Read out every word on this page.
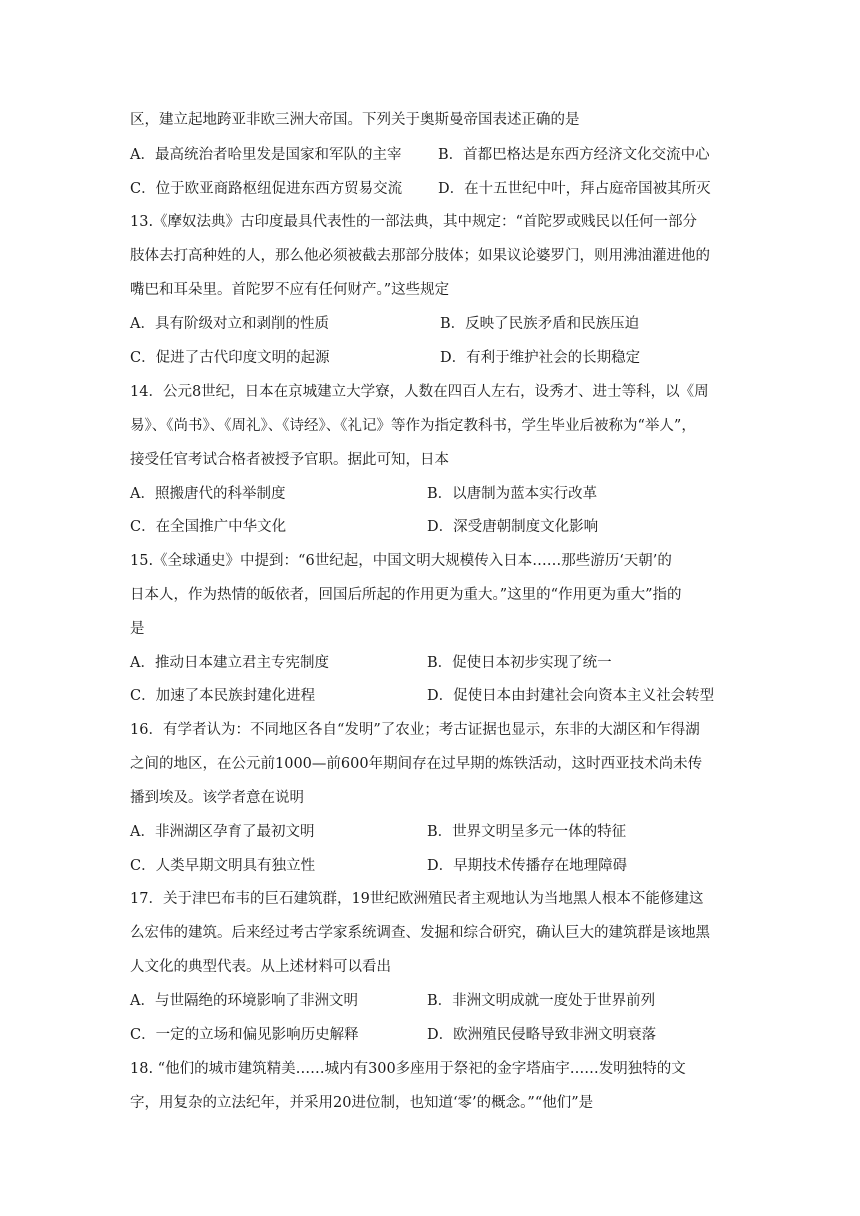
区，建立起地跨亚非欧三洲大帝国。下列关于奥斯曼帝国表述正确的是
A．最高统治者哈里发是国家和军队的主宰	B．首都巴格达是东西方经济文化交流中心
C．位于欧亚商路枢纽促进东西方贸易交流 D．在十五世纪中叶，拜占庭帝国被其所灭
13.《摩奴法典》古印度最具代表性的一部法典，其中规定：“首陀罗或贱民以任何一部分
肢体去打高种姓的人，那么他必须被截去那部分肢体；如果议论婆罗门，则用沸油灌进他的
嘴巴和耳朵里。首陀罗不应有任何财产。”这些规定
A．具有阶级对立和剥削的性质	B．反映了民族矛盾和民族压迫
C．促进了古代印度文明的起源	D．有利于维护社会的长期稳定
14．公元8世纪，日本在京城建立大学寮，人数在四百人左右，设秀才、进士等科，以《周
易》、《尚书》、《周礼》、《诗经》、《礼记》等作为指定教科书，学生毕业后被称为“举人”，
接受任官考试合格者被授予官职。据此可知，日本
A．照搬唐代的科举制度	B．以唐制为蓝本实行改革
C．在全国推广中华文化	D．深受唐朝制度文化影响
15.《全球通史》中提到：“6世纪起，中国文明大规模传入日本……那些游历‘天朝’的
日本人，作为热情的皈依者，回国后所起的作用更为重大。”这里的“作用更为重大”指的
是
A．推动日本建立君主专宪制度	B．促使日本初步实现了统一
C．加速了本民族封建化进程	D．促使日本由封建社会向资本主义社会转型
16．有学者认为：不同地区各自“发明”了农业；考古证据也显示，东非的大湖区和乍得湖
之间的地区，在公元前1000—前600年期间存在过早期的炼铁活动，这时西亚技术尚未传
播到埃及。该学者意在说明
A．非洲湖区孕育了最初文明	B．世界文明呈多元一体的特征
C．人类早期文明具有独立性	D．早期技术传播存在地理障碍
17．关于津巴布韦的巨石建筑群，19世纪欧洲殖民者主观地认为当地黑人根本不能修建这
么宏伟的建筑。后来经过考古学家系统调查、发掘和综合研究，确认巨大的建筑群是该地黑
人文化的典型代表。从上述材料可以看出
A．与世隔绝的环境影响了非洲文明	B．非洲文明成就一度处于世界前列
C．一定的立场和偏见影响历史解释	D．欧洲殖民侵略导致非洲文明衰落
18. “他们的城市建筑精美……城内有300多座用于祭祀的金字塔庙宇……发明独特的文
字，用复杂的立法纪年，并采用20进位制，也知道‘零’的概念。”“他们”是
